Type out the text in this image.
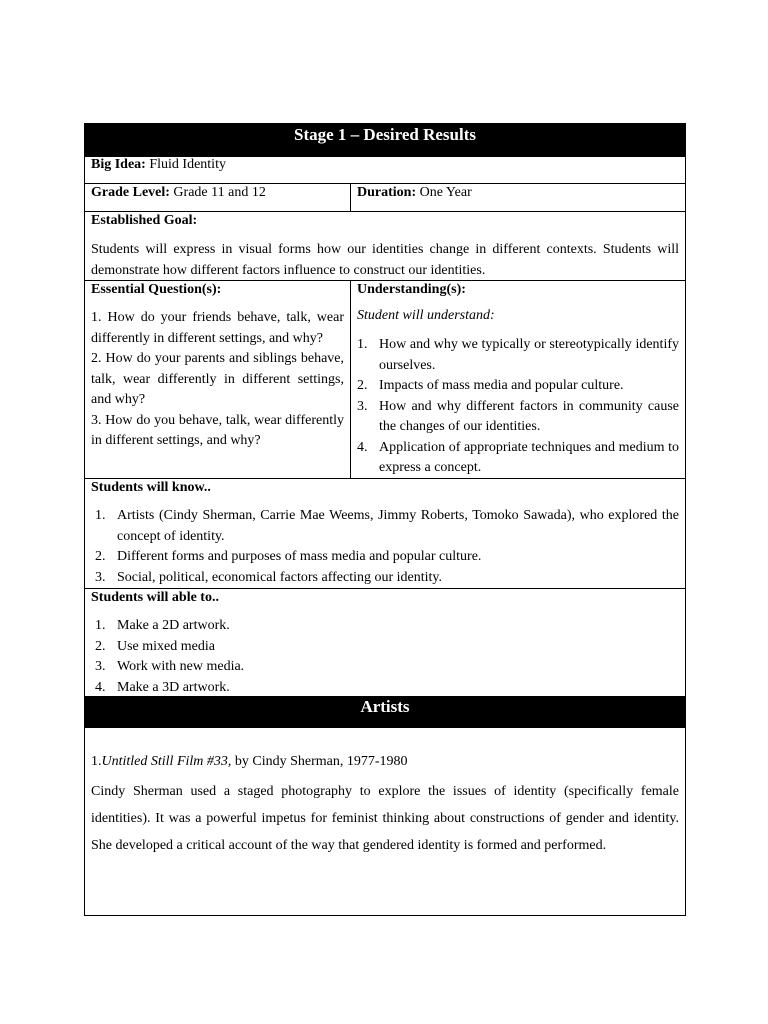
Stage 1 – Desired Results
Big Idea: Fluid Identity
Grade Level: Grade 11 and 12	Duration: One Year

Established Goal:

Students will express in visual forms how our identities change in different contexts. Students will demonstrate how different factors influence to construct our identities.

Essential Question(s):

1. How do your friends behave, talk, wear differently in different settings, and why?

2. How do your parents and siblings behave, talk, wear differently in different settings, and why?

3. How do you behave, talk, wear differently in different settings, and why?

Understanding(s):

Student will understand:

1. How and why we typically or stereotypically identify ourselves.
2. Impacts of mass media and popular culture.
3. How and why different factors in community cause the changes of our identities.
4. Application of appropriate techniques and medium to express a concept.

Students will know..

1. Artists (Cindy Sherman, Carrie Mae Weems, Jimmy Roberts, Tomoko Sawada), who explored the concept of identity.
2. Different forms and purposes of mass media and popular culture.
3. Social, political, economical factors affecting our identity.

Students will able to..

1. Make a 2D artwork.
2. Use mixed media
3. Work with new media.
4. Make a 3D artwork.
Artists

1.Untitled Still Film #33, by Cindy Sherman, 1977-1980

Cindy Sherman used a staged photography to explore the issues of identity (specifically female identities). It was a powerful impetus for feminist thinking about constructions of gender and identity. She developed a critical account of the way that gendered identity is formed and performed.
